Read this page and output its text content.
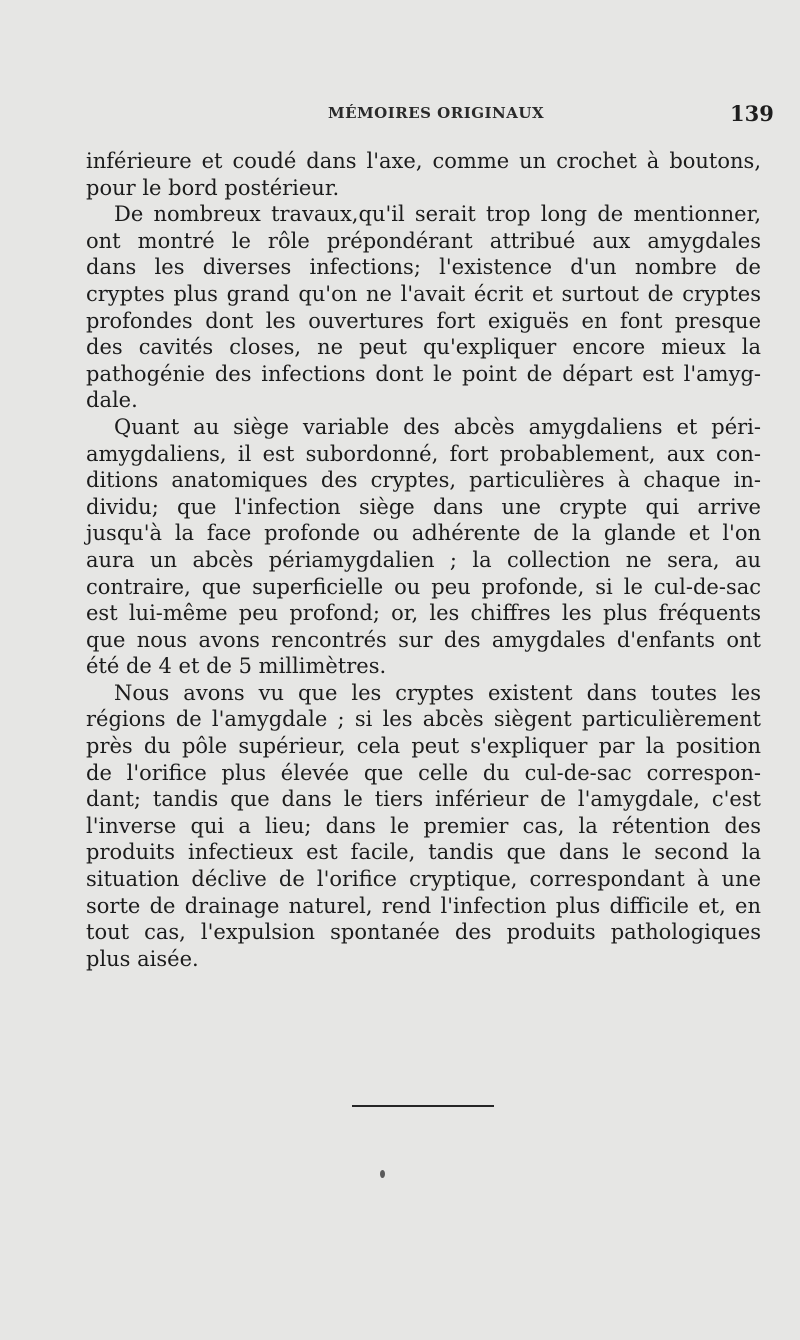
MÉMOIRES ORIGINAUX	139
inférieure et coudé dans l'axe, comme un crochet à boutons,
pour le bord postérieur.
De nombreux travaux,qu'il serait trop long de mentionner,
ont montré le rôle prépondérant attribué aux amygdales
dans les diverses infections; l'existence d'un nombre de
cryptes plus grand qu'on ne l'avait écrit et surtout de cryptes
profondes dont les ouvertures fort exiguës en font presque
des cavités closes, ne peut qu'expliquer encore mieux la
pathogénie des infections dont le point de départ est l'amyg-
dale.
Quant au siège variable des abcès amygdaliens et péri-
amygdaliens, il est subordonné, fort probablement, aux con-
ditions anatomiques des cryptes, particulières à chaque in-
dividu; que l'infection siège dans une crypte qui arrive
jusqu'à la face profonde ou adhérente de la glande et l'on
aura un abcès périamygdalien ; la collection ne sera, au
contraire, que superficielle ou peu profonde, si le cul-de-sac
est lui-même peu profond; or, les chiffres les plus fréquents
que nous avons rencontrés sur des amygdales d'enfants ont
été de 4 et de 5 millimètres.
Nous avons vu que les cryptes existent dans toutes les
régions de l'amygdale ; si les abcès siègent particulièrement
près du pôle supérieur, cela peut s'expliquer par la position
de l'orifice plus élevée que celle du cul-de-sac correspon-
dant; tandis que dans le tiers inférieur de l'amygdale, c'est
l'inverse qui a lieu; dans le premier cas, la rétention des
produits infectieux est facile, tandis que dans le second la
situation déclive de l'orifice cryptique, correspondant à une
sorte de drainage naturel, rend l'infection plus difficile et, en
tout cas, l'expulsion spontanée des produits pathologiques
plus aisée.
